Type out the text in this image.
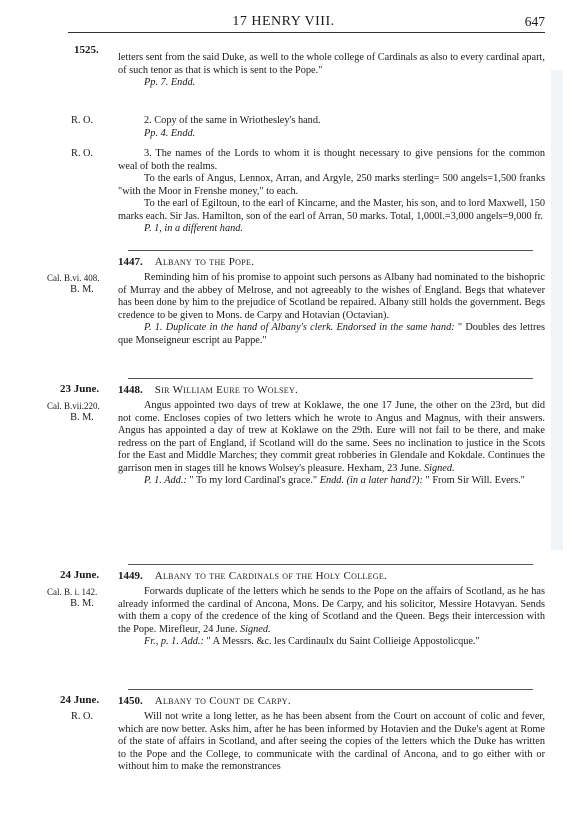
17 HENRY VIII.	647
1525.

letters sent from the said Duke, as well to the whole college of Cardinals as also to every cardinal apart, of such tenor as that is which is sent to the Pope."

Pp. 7. Endd.

R. O.	2. Copy of the same in Wriothesley's hand.

Pp. 4. Endd.

R. O.	3. The names of the Lords to whom it is thought necessary to give pensions for the common weal of both the realms.

To the earls of Angus, Lennox, Arran, and Argyle, 250 marks sterling= 500 angels=1,500 franks "with the Moor in Frenshe money," to each.

To the earl of Egiltoun, to the earl of Kincarne, and the Master, his son, and to lord Maxwell, 150 marks each. Sir Jas. Hamilton, son of the earl of Arran, 50 marks. Total, 1,000l.=3,000 angels=9,000 fr.

P. 1, in a different hand.

1447. Albany to the Pope.
Cal. B.vi. 408.
B. M.

Reminding him of his promise to appoint such persons as Albany had nominated to the bishopric of Murray and the abbey of Melrose, and not agreeably to the wishes of England. Begs that whatever has been done by him to the prejudice of Scotland be repaired. Albany still holds the government. Begs credence to be given to Mons. de Carpy and Hotavian (Octavian).

P. 1. Duplicate in the hand of Albany's clerk. Endorsed in the same hand: " Doubles des lettres que Monseigneur escript au Pappe."

23 June. 1448. Sir William Eure to Wolsey.
Cal. B.vii.220.
B. M.

Angus appointed two days of trew at Koklawe, the one 17 June, the other on the 23rd, but did not come. Encloses copies of two letters which he wrote to Angus and Magnus, with their answers. Angus has appointed a day of trew at Koklawe on the 29th. Eure will not fail to be there, and make redress on the part of England, if Scotland will do the same. Sees no inclination to justice in the Scots for the East and Middle Marches; they commit great robberies in Glendale and Kokdale. Continues the garrison men in stages till he knows Wolsey's pleasure. Hexham, 23 June. Signed.

P. 1. Add.: " To my lord Cardinal's grace." Endd. (in a later hand?): " From Sir Will. Evers."

24 June. 1449. Albany to the Cardinals of the Holy College.
Cal. B. i. 142.
B. M.

Forwards duplicate of the letters which he sends to the Pope on the affairs of Scotland, as he has already informed the cardinal of Ancona, Mons. De Carpy, and his solicitor, Messire Hotavyan. Sends with them a copy of the credence of the king of Scotland and the Queen. Begs their intercession with the Pope. Mirefleur, 24 June. Signed.

Fr., p. 1. Add.: " A Messrs. &c. les Cardinaulx du Saint Collieige Appostolicque."

24 June. 1450. Albany to Count de Carpy.
R. O.	Will not write a long letter, as he has been absent from the Court on account of colic and fever, which are now better. Asks him, after he has been informed by Hotavien and the Duke's agent at Rome of the state of affairs in Scotland, and after seeing the copies of the letters which the Duke has written to the Pope and the College, to communicate with the cardinal of Ancona, and to go either with or without him to make the remonstrances
